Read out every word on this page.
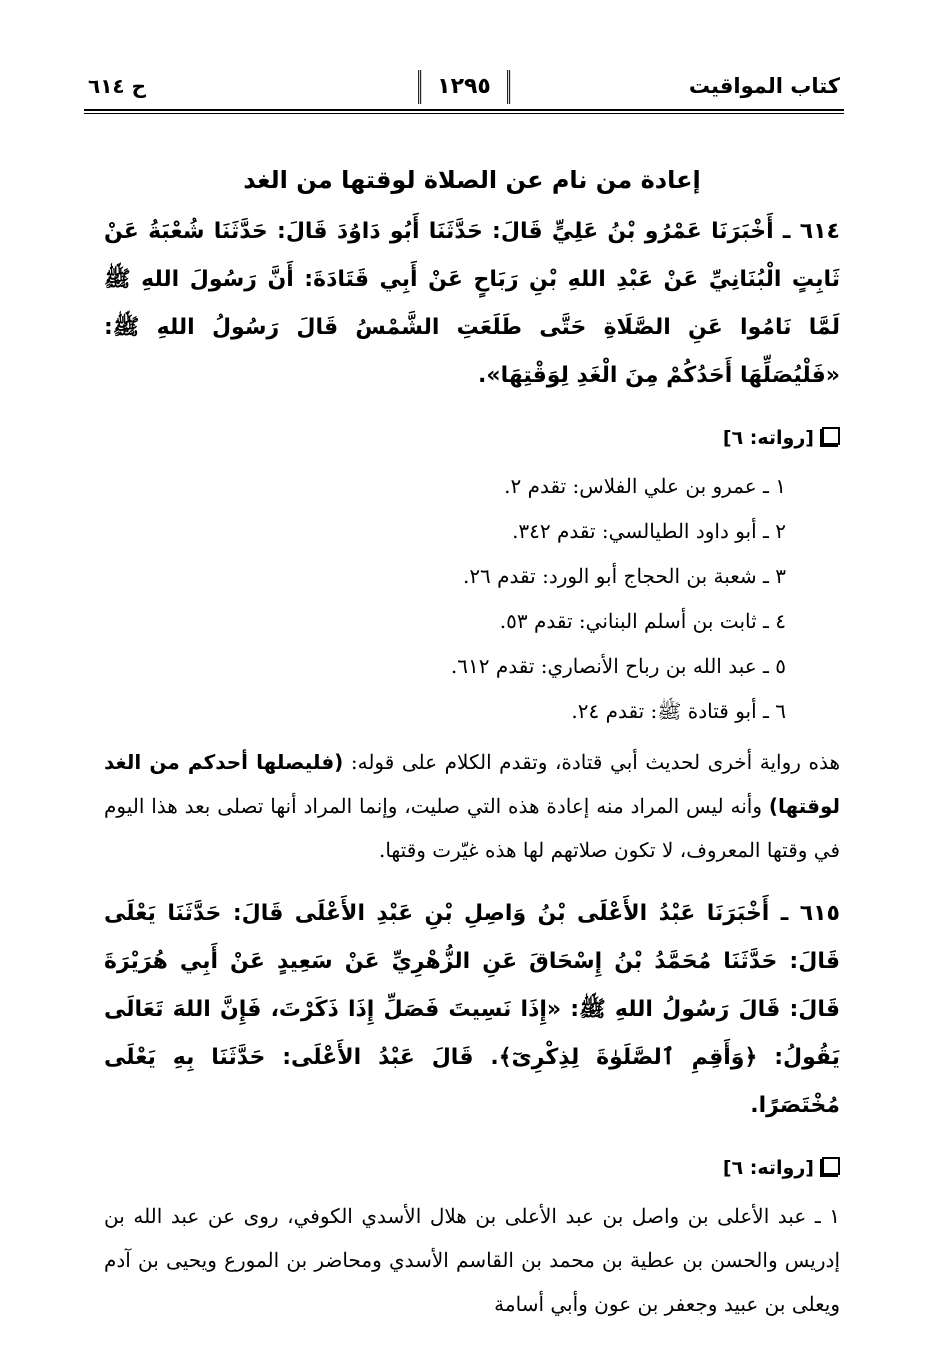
كتاب المواقيت
١٢٩٥
ح ٦١٤
إعادة من نام عن الصلاة لوقتها من الغد

٦١٤ ـ أَخْبَرَنَا عَمْرُو بْنُ عَلِيٍّ قَالَ: حَدَّثَنَا أَبُو دَاوُدَ قَالَ: حَدَّثَنَا شُعْبَةُ عَنْ ثَابِتٍ الْبُنَانِيِّ عَنْ عَبْدِ اللهِ بْنِ رَبَاحٍ عَنْ أَبِي قَتَادَةَ: أَنَّ رَسُولَ اللهِ ﷺ لَمَّا نَامُوا عَنِ الصَّلَاةِ حَتَّى طَلَعَتِ الشَّمْسُ قَالَ رَسُولُ اللهِ ﷺ: «فَلْيُصَلِّهَا أَحَدُكُمْ مِنَ الْغَدِ لِوَقْتِهَا».

[رواته: ٦]
١ ـ عمرو بن علي الفلاس: تقدم ٢.
٢ ـ أبو داود الطيالسي: تقدم ٣٤٢.
٣ ـ شعبة بن الحجاج أبو الورد: تقدم ٢٦.
٤ ـ ثابت بن أسلم البناني: تقدم ٥٣.
٥ ـ عبد الله بن رباح الأنصاري: تقدم ٦١٢.
٦ ـ أبو قتادة ﷺ: تقدم ٢٤.

هذه رواية أخرى لحديث أبي قتادة، وتقدم الكلام على قوله: (فليصلها أحدكم من الغد لوقتها) وأنه ليس المراد منه إعادة هذه التي صليت، وإنما المراد أنها تصلى بعد هذا اليوم في وقتها المعروف، لا تكون صلاتهم لها هذه غيّرت وقتها.

٦١٥ ـ أَخْبَرَنَا عَبْدُ الأَعْلَى بْنُ وَاصِلِ بْنِ عَبْدِ الأَعْلَى قَالَ: حَدَّثَنَا يَعْلَى قَالَ: حَدَّثَنَا مُحَمَّدُ بْنُ إِسْحَاقَ عَنِ الزُّهْرِيِّ عَنْ سَعِيدٍ عَنْ أَبِي هُرَيْرَةَ قَالَ: قَالَ رَسُولُ اللهِ ﷺ: «إِذَا نَسِيتَ فَصَلِّ إِذَا ذَكَرْتَ، فَإِنَّ اللهَ تَعَالَى يَقُولُ: ﴿وَأَقِمِ ٱلصَّلَوٰةَ لِذِكْرِىٓ﴾. قَالَ عَبْدُ الأَعْلَى: حَدَّثَنَا بِهِ يَعْلَى مُخْتَصَرًا.

[رواته: ٦]

١ ـ عبد الأعلى بن واصل بن عبد الأعلى بن هلال الأسدي الكوفي، روى عن عبد الله بن إدريس والحسن بن عطية بن محمد بن القاسم الأسدي ومحاضر بن المورع ويحيى بن آدم ويعلى بن عبيد وجعفر بن عون وأبي أسامة
